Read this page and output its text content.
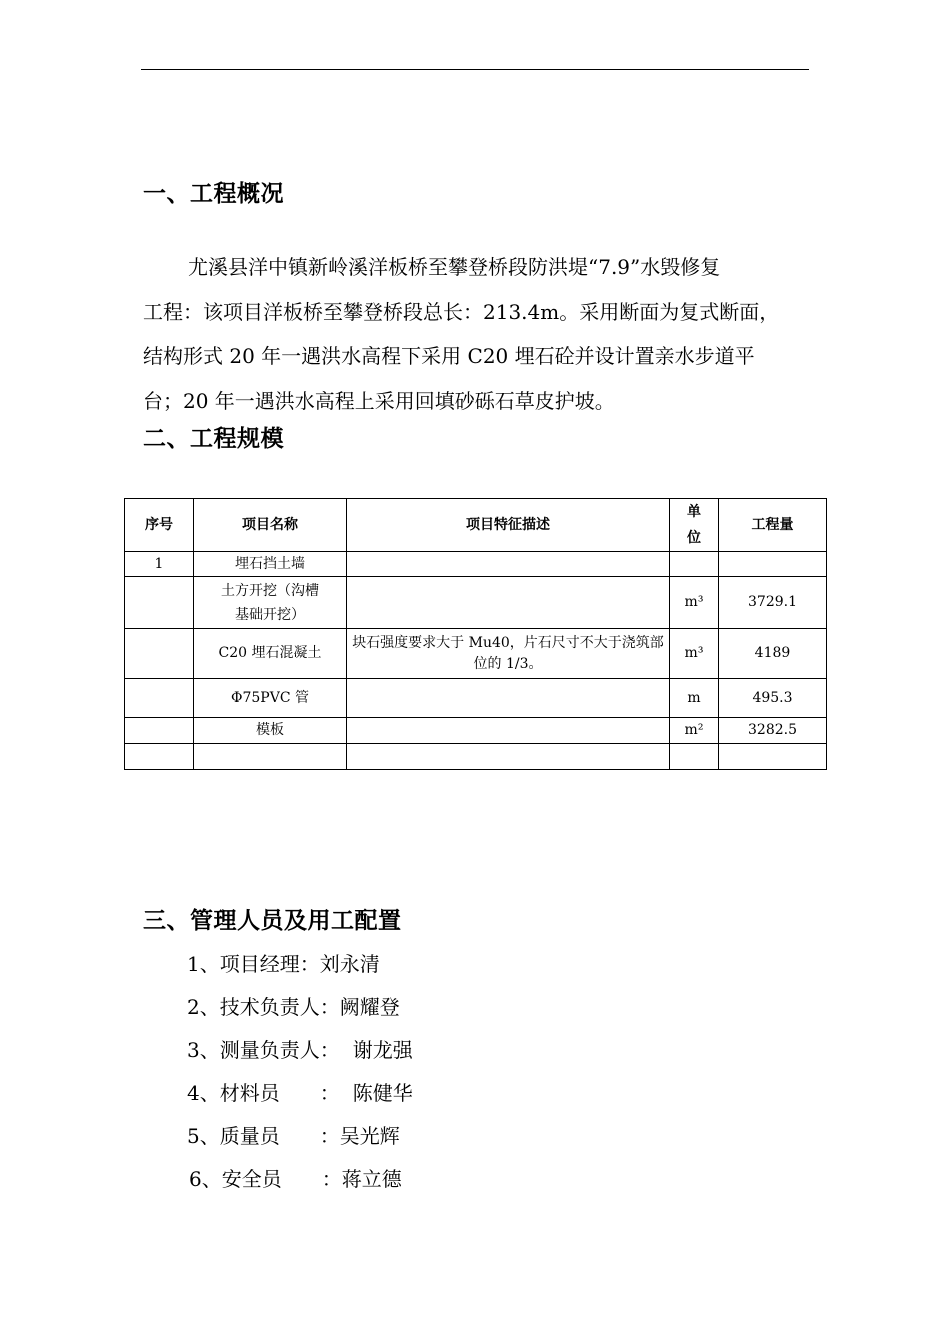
一、工程概况
尤溪县洋中镇新岭溪洋板桥至攀登桥段防洪堤“7.9”水毁修复
工程：该项目洋板桥至攀登桥段总长：213.4m。采用断面为复式断面，
结构形式 20 年一遇洪水高程下采用 C20 埋石砼并设计置亲水步道平
台；20 年一遇洪水高程上采用回填砂砾石草皮护坡。
二、工程规模
序号	项目名称	项目特征描述	单位	工程量
1	埋石挡土墙			
	土方开挖（沟槽基础开挖）		m³	3729.1
	C20 埋石混凝土	块石强度要求大于 Mu40，片石尺寸不大于浇筑部位的 1/3。	m³	4189
	Φ75PVC 管		m	495.3
	模板		m²	3282.5

三、管理人员及用工配置
1、项目经理： 刘永清
2、技术负责人： 阙耀登
3、测量负责人： 谢龙强
4、材料员　　： 陈健华
5、质量员　　： 吴光辉
6、安全员　　： 蒋立德
